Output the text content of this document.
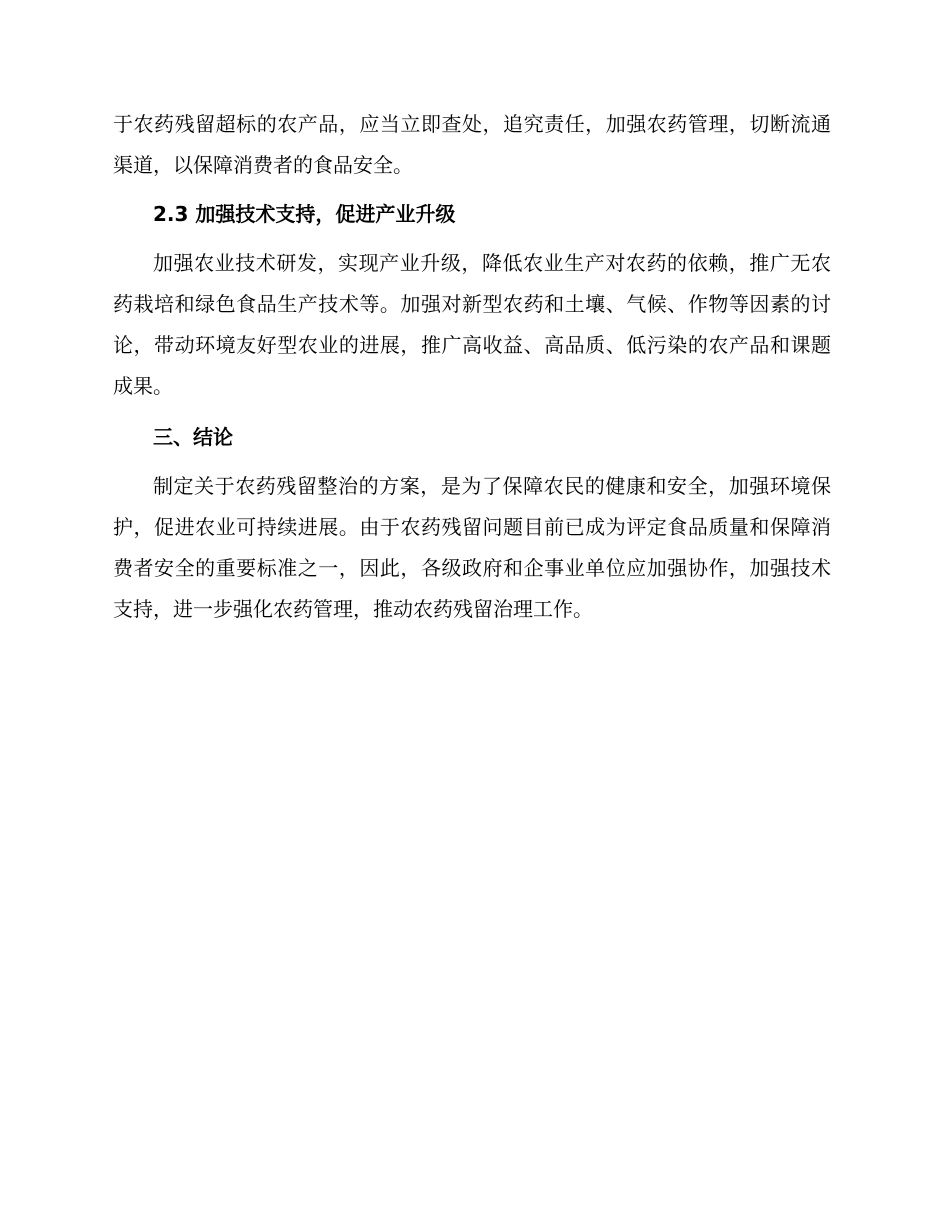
于农药残留超标的农产品，应当立即查处，追究责任，加强农药管理，切断流通渠道，以保障消费者的食品安全。

2.3 加强技术支持，促进产业升级

加强农业技术研发，实现产业升级，降低农业生产对农药的依赖，推广无农药栽培和绿色食品生产技术等。加强对新型农药和土壤、气候、作物等因素的讨论，带动环境友好型农业的进展，推广高收益、高品质、低污染的农产品和课题成果。

三、结论

制定关于农药残留整治的方案，是为了保障农民的健康和安全，加强环境保护，促进农业可持续进展。由于农药残留问题目前已成为评定食品质量和保障消费者安全的重要标准之一，因此，各级政府和企事业单位应加强协作，加强技术支持，进一步强化农药管理，推动农药残留治理工作。
